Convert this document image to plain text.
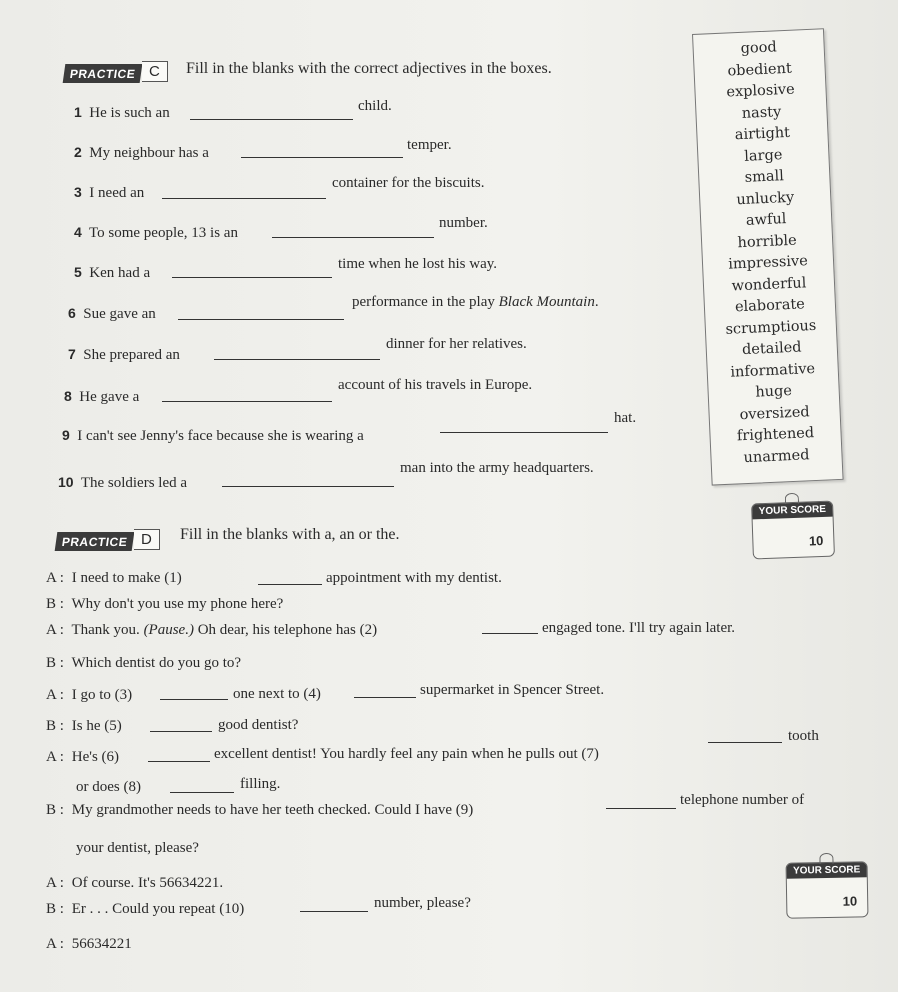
PRACTICE C	Fill in the blanks with the correct adjectives in the boxes.
1 He is such an	child.
2 My neighbour has a	temper.
3 I need an
container for the biscuits.
4 To some people, 13 is an
number.
5 Ken had a
time when he lost his way.
6 Sue gave an
performance in the play Black Mountain.
7 She prepared an
dinner for her relatives.
8 He gave a
account of his travels in Europe.
9 I can't see Jenny's face because she is wearing a
hat.
10 The soldiers led a
man into the army headquarters.
good
obedient
explosive
nasty
airtight
large
small
unlucky
awful
horrible
impressive
wonderful
elaborate
scrumptious
detailed
informative
huge
oversized
frightened
unarmed
YOUR SCORE
10
PRACTICE D	Fill in the blanks with a, an or the.
A : I need to make (1)	appointment with my dentist.
B : Why don't you use my phone here?
A : Thank you. (Pause.) Oh dear, his telephone has (2)	engaged tone. I'll try again later.
B : Which dentist do you go to?
A : I go to (3)	one next to (4)	supermarket in Spencer Street.
B : Is he (5)	good dentist?
A : He's (6)	excellent dentist! You hardly feel any pain when he pulls out (7)
tooth
or does (8)	filling.
B : My grandmother needs to have her teeth checked. Could I have (9)
telephone number of
your dentist, please?
A : Of course. It's 56634221.
B : Er . . . Could you repeat (10)	number, please?
A : 56634221
YOUR SCORE
10
